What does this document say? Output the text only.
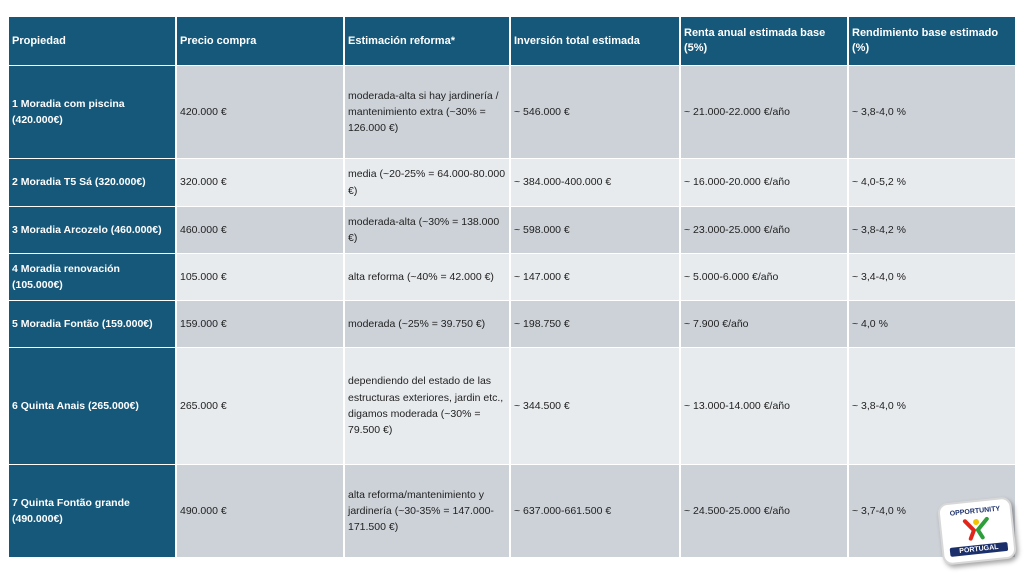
Propiedad	Precio compra	Estimación reforma*	Inversión total estimada	Renta anual estimada base (5%)	Rendimiento base estimado (%)
1 Moradia com piscina (420.000€)	420.000 €	moderada-alta si hay jardinería / mantenimiento extra (~30% = 126.000 €)	~ 546.000 €	~ 21.000-22.000 €/año	~ 3,8-4,0 %
2 Moradia T5 Sá (320.000€)	320.000 €	media (~20-25% = 64.000-80.000 €)	~ 384.000-400.000 €	~ 16.000-20.000 €/año	~ 4,0-5,2 %
3 Moradia Arcozelo (460.000€)	460.000 €	moderada-alta (~30% = 138.000 €)	~ 598.000 €	~ 23.000-25.000 €/año	~ 3,8-4,2 %
4 Moradia renovación (105.000€)	105.000 €	alta reforma (~40% = 42.000 €)	~ 147.000 €	~ 5.000-6.000 €/año	~ 3,4-4,0 %
5 Moradia Fontão (159.000€)	159.000 €	moderada (~25% = 39.750 €)	~ 198.750 €	~ 7.900 €/año	~ 4,0 %
6 Quinta Anais (265.000€)	265.000 €	dependiendo del estado de las estructuras exteriores, jardin etc., digamos moderada (~30% = 79.500 €)	~ 344.500 €	~ 13.000-14.000 €/año	~ 3,8-4,0 %
7 Quinta Fontão grande (490.000€)	490.000 €	alta reforma/mantenimiento y jardinería (~30-35% = 147.000-171.500 €)	~ 637.000-661.500 €	~ 24.500-25.000 €/año	~ 3,7-4,0 %	OPPORTUNITY
PORTUGAL
